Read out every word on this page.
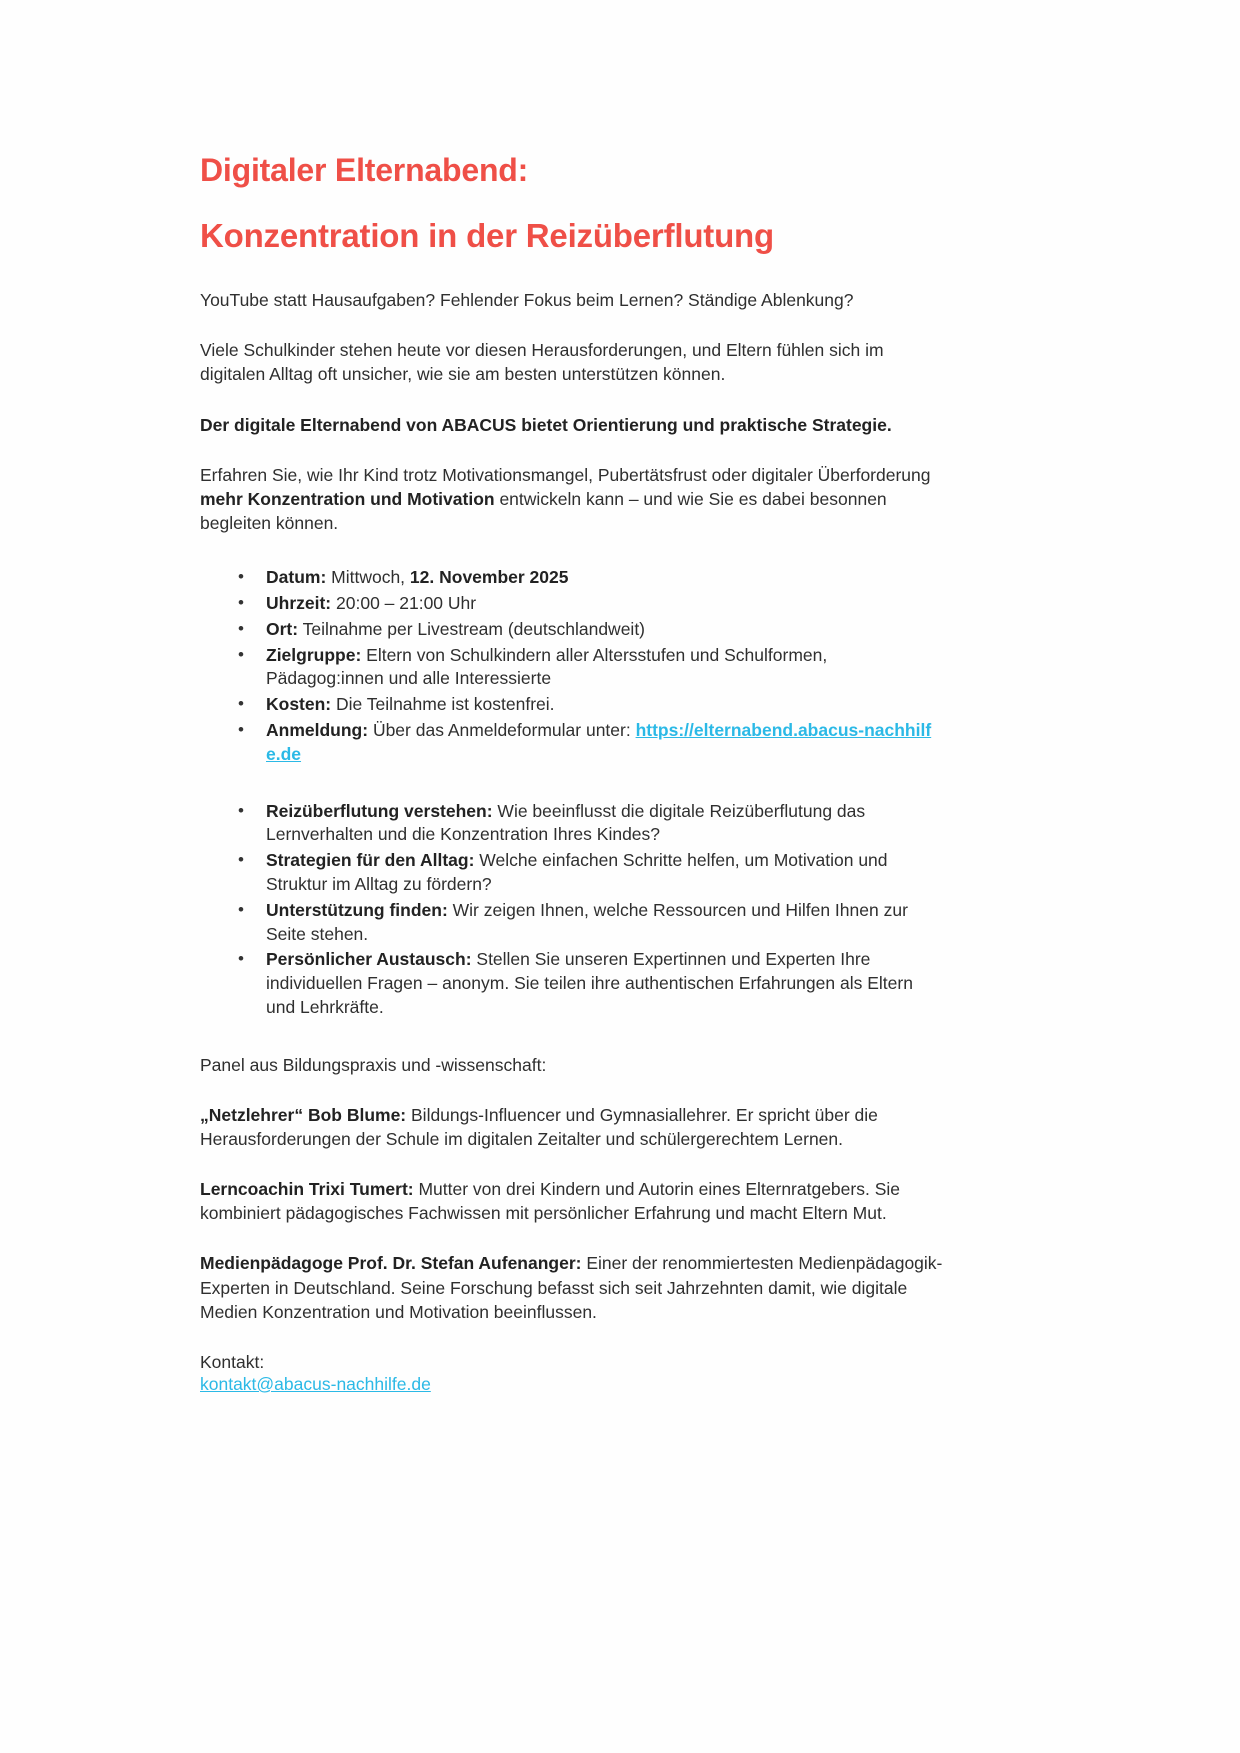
Digitaler Elternabend:
Konzentration in der Reizüberflutung

YouTube statt Hausaufgaben? Fehlender Fokus beim Lernen? Ständige Ablenkung?

Viele Schulkinder stehen heute vor diesen Herausforderungen, und Eltern fühlen sich im digitalen Alltag oft unsicher, wie sie am besten unterstützen können.

Der digitale Elternabend von ABACUS bietet Orientierung und praktische Strategie.

Erfahren Sie, wie Ihr Kind trotz Motivationsmangel, Pubertätsfrust oder digitaler Überforderung mehr Konzentration und Motivation entwickeln kann – und wie Sie es dabei besonnen begleiten können.

• Datum: Mittwoch, 12. November 2025
• Uhrzeit: 20:00 – 21:00 Uhr
• Ort: Teilnahme per Livestream (deutschlandweit)
• Zielgruppe: Eltern von Schulkindern aller Altersstufen und Schulformen, Pädagog:innen und alle Interessierte
• Kosten: Die Teilnahme ist kostenfrei.
• Anmeldung: Über das Anmeldeformular unter: https://elternabend.abacus-nachhilfe.de
• Reizüberflutung verstehen: Wie beeinflusst die digitale Reizüberflutung das Lernverhalten und die Konzentration Ihres Kindes?
• Strategien für den Alltag: Welche einfachen Schritte helfen, um Motivation und Struktur im Alltag zu fördern?
• Unterstützung finden: Wir zeigen Ihnen, welche Ressourcen und Hilfen Ihnen zur Seite stehen.
• Persönlicher Austausch: Stellen Sie unseren Expertinnen und Experten Ihre individuellen Fragen – anonym. Sie teilen ihre authentischen Erfahrungen als Eltern und Lehrkräfte.

Panel aus Bildungspraxis und -wissenschaft:

„Netzlehrer“ Bob Blume: Bildungs-Influencer und Gymnasiallehrer. Er spricht über die Herausforderungen der Schule im digitalen Zeitalter und schülergerechtem Lernen.

Lerncoachin Trixi Tumert: Mutter von drei Kindern und Autorin eines Elternratgebers. Sie kombiniert pädagogisches Fachwissen mit persönlicher Erfahrung und macht Eltern Mut.

Medienpädagoge Prof. Dr. Stefan Aufenanger: Einer der renommiertesten Medienpädagogik-Experten in Deutschland. Seine Forschung befasst sich seit Jahrzehnten damit, wie digitale Medien Konzentration und Motivation beeinflussen.

Kontakt:

kontakt@abacus-nachhilfe.de
